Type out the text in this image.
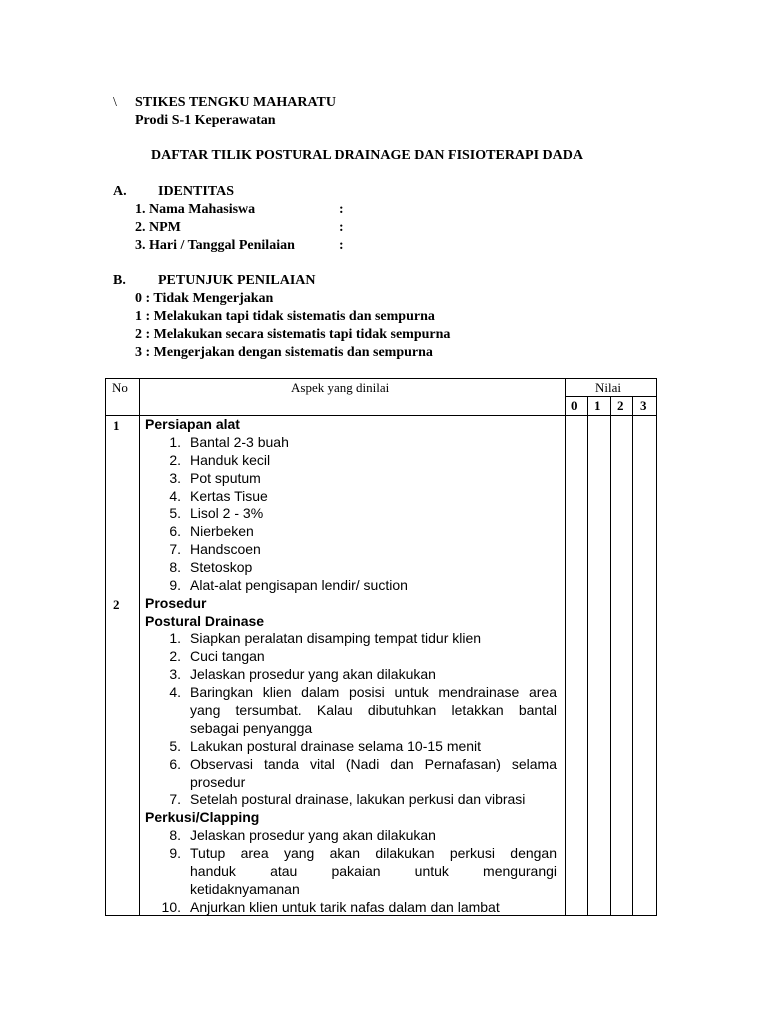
\ STIKES TENGKU MAHARATU
Prodi S-1 Keperawatan
DAFTAR TILIK POSTURAL DRAINAGE DAN FISIOTERAPI DADA
A. IDENTITAS
1. Nama Mahasiswa	:
2. NPM	:
3. Hari / Tanggal Penilaian	:
B. PETUNJUK PENILAIAN
0 : Tidak Mengerjakan
1 : Melakukan tapi tidak sistematis dan sempurna
2 : Melakukan secara sistematis tapi tidak sempurna
3 : Mengerjakan dengan sistematis dan sempurna
No	Aspek yang dinilai	Nilai
0 1 2 3
1 Persiapan alat
1. Bantal 2-3 buah
2. Handuk kecil
3. Pot sputum
4. Kertas Tisue
5. Lisol 2 - 3%
6. Nierbeken
7. Handscoen
8. Stetoskop
9. Alat-alat pengisapan lendir/ suction
2 Prosedur
Postural Drainase
1. Siapkan peralatan disamping tempat tidur klien
2. Cuci tangan
3. Jelaskan prosedur yang akan dilakukan
4. Baringkan klien dalam posisi untuk mendrainase area
yang tersumbat. Kalau dibutuhkan letakkan bantal
sebagai penyangga
5. Lakukan postural drainase selama 10-15 menit
6. Observasi tanda vital (Nadi dan Pernafasan) selama
prosedur
7. Setelah postural drainase, lakukan perkusi dan vibrasi
Perkusi/Clapping
8. Jelaskan prosedur yang akan dilakukan
9. Tutup area yang akan dilakukan perkusi dengan
handuk atau pakaian untuk mengurangi
ketidaknyamanan
10. Anjurkan klien untuk tarik nafas dalam dan lambat
